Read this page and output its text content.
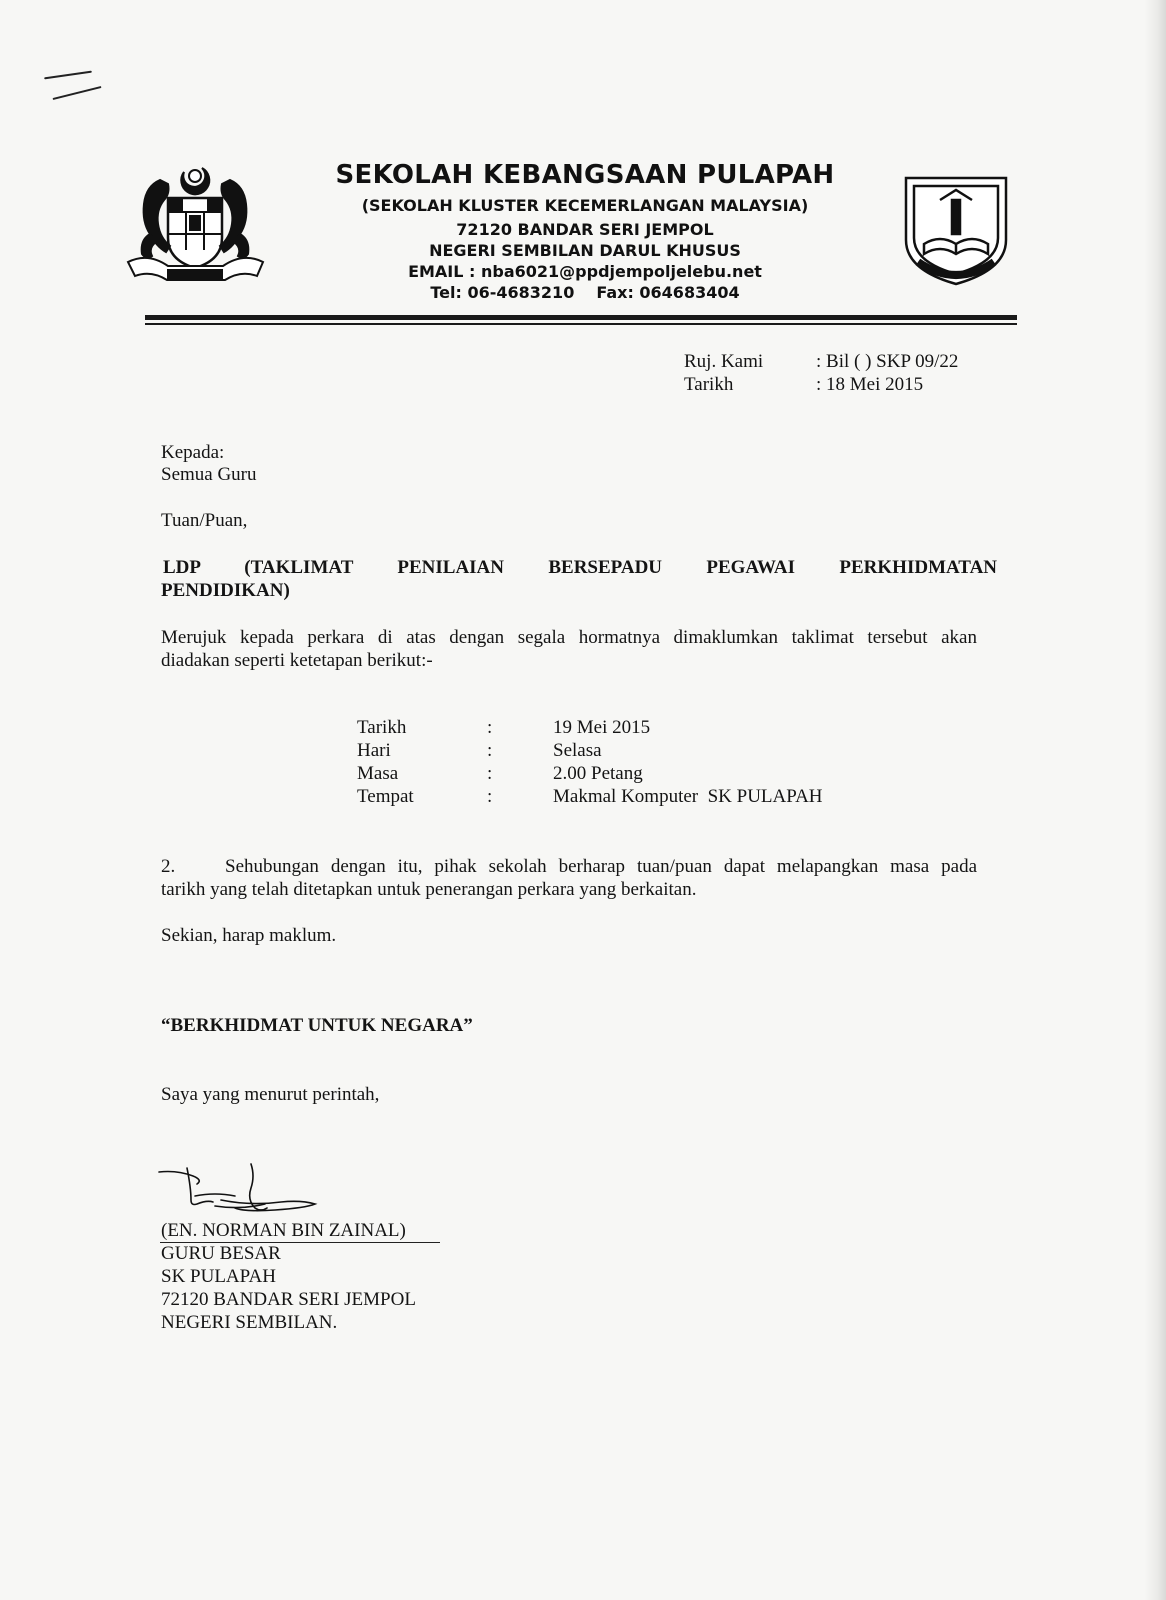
SEKOLAH KEBANGSAAN PULAPAH
(SEKOLAH KLUSTER KECEMERLANGAN MALAYSIA)
72120 BANDAR SERI JEMPOL
NEGERI SEMBILAN DARUL KHUSUS
EMAIL : nba6021@ppdjempoljelebu.net
Tel: 06-4683210 Fax: 064683404
Ruj. Kami	: Bil ( ) SKP 09/22
Tarikh	: 18 Mei 2015
Kepada:
Semua Guru
Tuan/Puan,
LDP (TAKLIMAT PENILAIAN BERSEPADU PEGAWAI PERKHIDMATAN
PENDIDIKAN)
Merujuk kepada perkara di atas dengan segala hormatnya dimaklumkan taklimat tersebut akan
diadakan seperti ketetapan berikut:-
Tarikh	:	19 Mei 2015
Hari	:	Selasa
Masa	:	2.00 Petang
Tempat	:	Makmal Komputer  SK PULAPAH
2.	Sehubungan dengan itu, pihak sekolah berharap tuan/puan dapat melapangkan masa pada
tarikh yang telah ditetapkan untuk penerangan perkara yang berkaitan.
Sekian, harap maklum.
“BERKHIDMAT UNTUK NEGARA”
Saya yang menurut perintah,
(EN. NORMAN BIN ZAINAL)
GURU BESAR
SK PULAPAH
72120 BANDAR SERI JEMPOL
NEGERI SEMBILAN.
